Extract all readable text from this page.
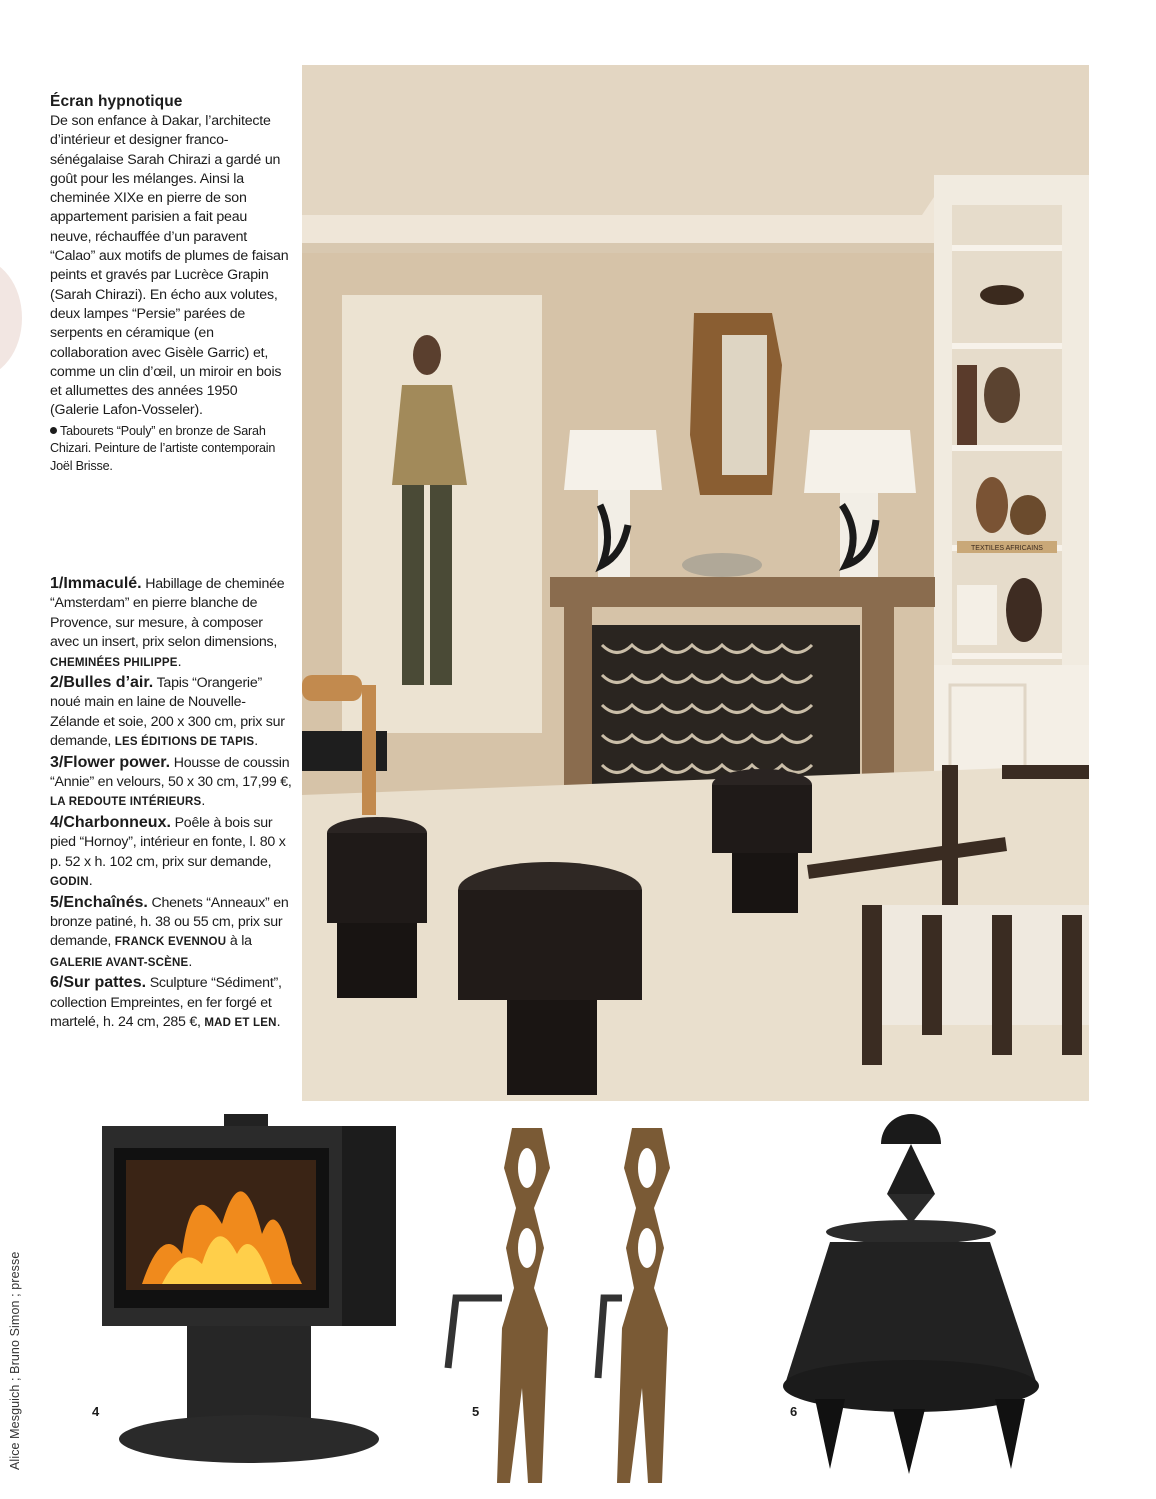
Écran hypnotique

De son enfance à Dakar, l’architecte d’intérieur et designer franco-sénégalaise Sarah Chirazi a gardé un goût pour les mélanges. Ainsi la cheminée XIXe en pierre de son appartement parisien a fait peau neuve, réchauffée d’un paravent “Calao” aux motifs de plumes de faisan peints et gravés par Lucrèce Grapin (Sarah Chirazi). En écho aux volutes, deux lampes “Persie” parées de serpents en céramique (en collaboration avec Gisèle Garric) et, comme un clin d’œil, un miroir en bois et allumettes des années 1950 (Galerie Lafon-Vosseler).

Tabourets “Pouly” en bronze de Sarah Chizari. Peinture de l’artiste contemporain Joël Brisse.

1/Immaculé. Habillage de cheminée “Amsterdam” en pierre blanche de Provence, sur mesure, à composer avec un insert, prix selon dimensions, CHEMINÉES PHILIPPE.

2/Bulles d’air. Tapis “Orangerie” noué main en laine de Nouvelle-Zélande et soie, 200 x 300 cm, prix sur demande, LES ÉDITIONS DE TAPIS.

3/Flower power. Housse de coussin “Annie” en velours, 50 x 30 cm, 17,99 €, LA REDOUTE INTÉRIEURS.

4/Charbonneux. Poêle à bois sur pied “Hornoy”, intérieur en fonte, l. 80 x p. 52 x h. 102 cm, prix sur demande, GODIN.

5/Enchaînés. Chenets “Anneaux” en bronze patiné, h. 38 ou 55 cm, prix sur demande, FRANCK EVENNOU à la GALERIE AVANT-SCÈNE.

6/Sur pattes. Sculpture “Sédiment”, collection Empreintes, en fer forgé et martelé, h. 24 cm, 285 €, MAD ET LEN.

TEXTILES AFRICAINS
4	5	6
Alice Mesguich ; Bruno Simon ; presse
